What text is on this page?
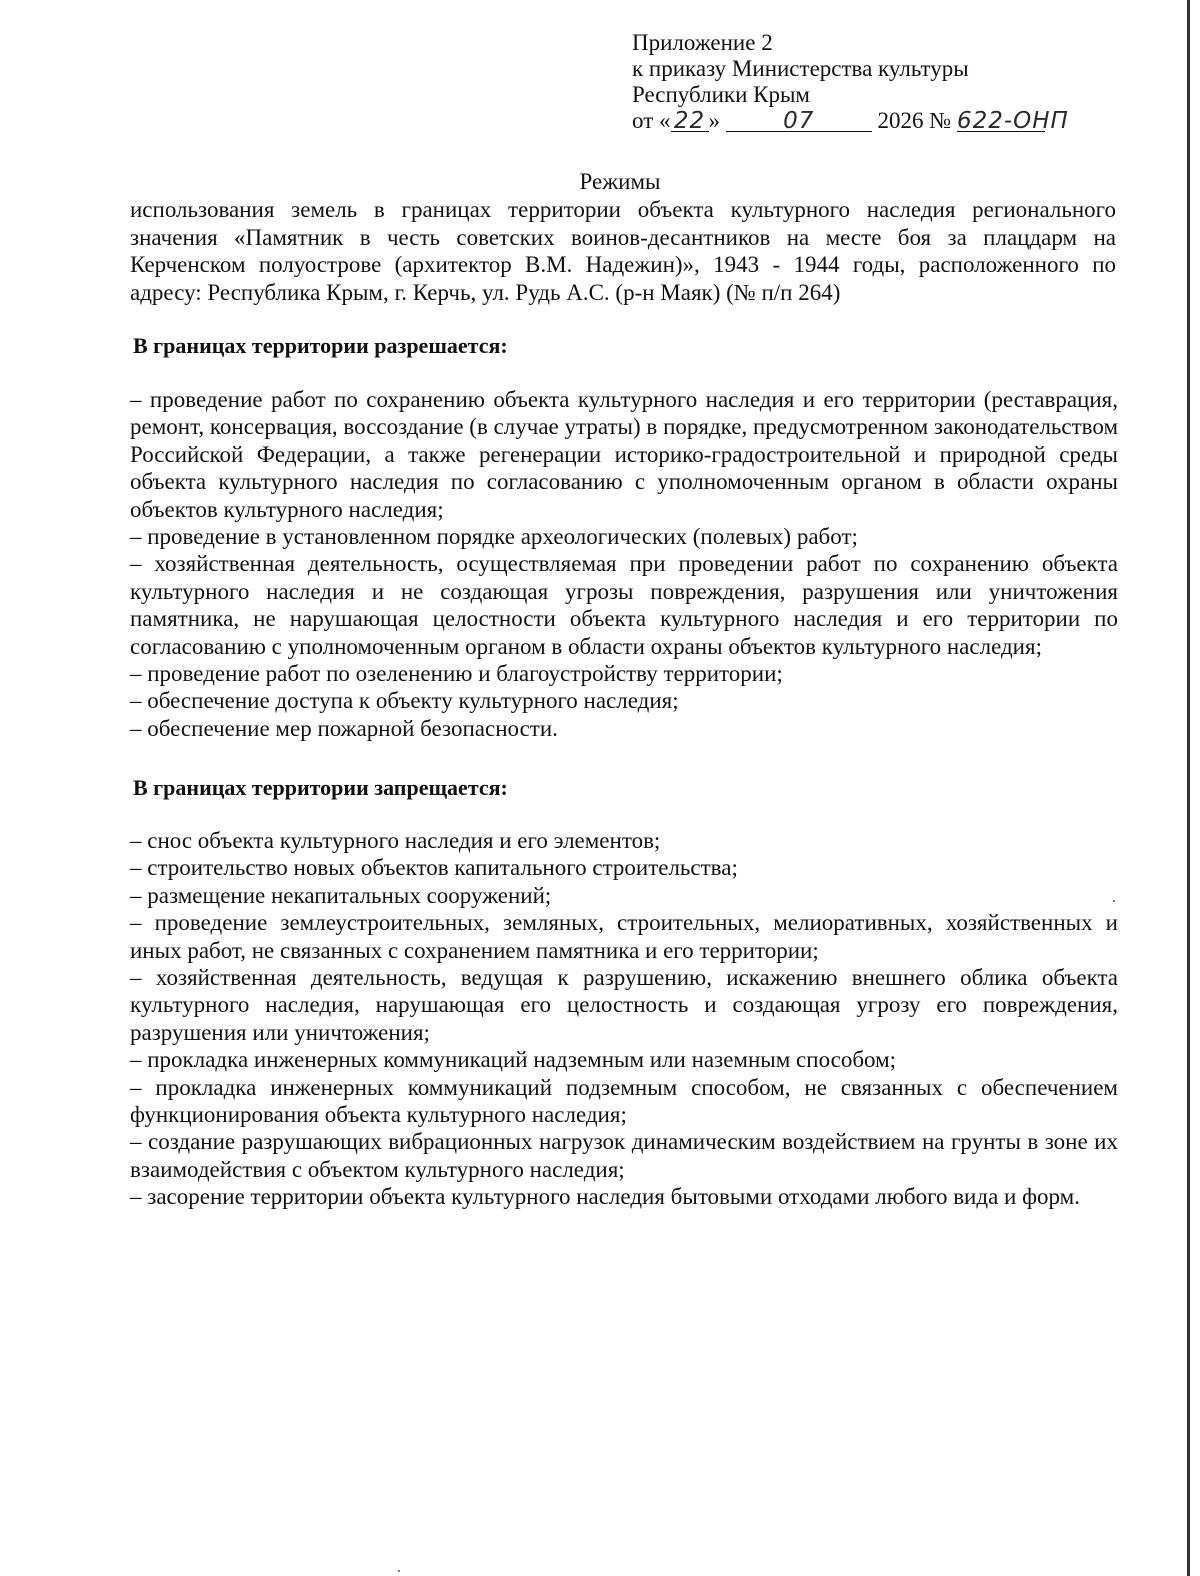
Приложение 2
к приказу Министерства культуры
Республики Крым
от « 22 »	07	2026 № 622-ОНП
Режимы
использования земель в границах территории объекта культурного наследия регионального значения «Памятник в честь советских воинов-десантников на месте боя за плацдарм на Керченском полуострове (архитектор В.М. Надежин)», 1943 - 1944 годы, расположенного по адресу: Республика Крым, г. Керчь, ул. Рудь А.С. (р-н Маяк) (№ п/п 264)
В границах территории разрешается:
– проведение работ по сохранению объекта культурного наследия и его территории (реставрация, ремонт, консервация, воссоздание (в случае утраты) в порядке, предусмотренном законодательством Российской Федерации, а также регенерации историко-градостроительной и природной среды объекта культурного наследия по согласованию с уполномоченным органом в области охраны объектов культурного наследия;
– проведение в установленном порядке археологических (полевых) работ;
– хозяйственная деятельность, осуществляемая при проведении работ по сохранению объекта культурного наследия и не создающая угрозы повреждения, разрушения или уничтожения памятника, не нарушающая целостности объекта культурного наследия и его территории по согласованию с уполномоченным органом в области охраны объектов культурного наследия;
– проведение работ по озеленению и благоустройству территории;
– обеспечение доступа к объекту культурного наследия;
– обеспечение мер пожарной безопасности.
В границах территории запрещается:
– снос объекта культурного наследия и его элементов;
– строительство новых объектов капитального строительства;
– размещение некапитальных сооружений;
– проведение землеустроительных, земляных, строительных, мелиоративных, хозяйственных и иных работ, не связанных с сохранением памятника и его территории;
– хозяйственная деятельность, ведущая к разрушению, искажению внешнего облика объекта культурного наследия, нарушающая его целостность и создающая угрозу его повреждения, разрушения или уничтожения;
– прокладка инженерных коммуникаций надземным или наземным способом;
– прокладка инженерных коммуникаций подземным способом, не связанных с обеспечением функционирования объекта культурного наследия;
– создание разрушающих вибрационных нагрузок динамическим воздействием на грунты в зоне их взаимодействия с объектом культурного наследия;
– засорение территории объекта культурного наследия бытовыми отходами любого вида и форм.
